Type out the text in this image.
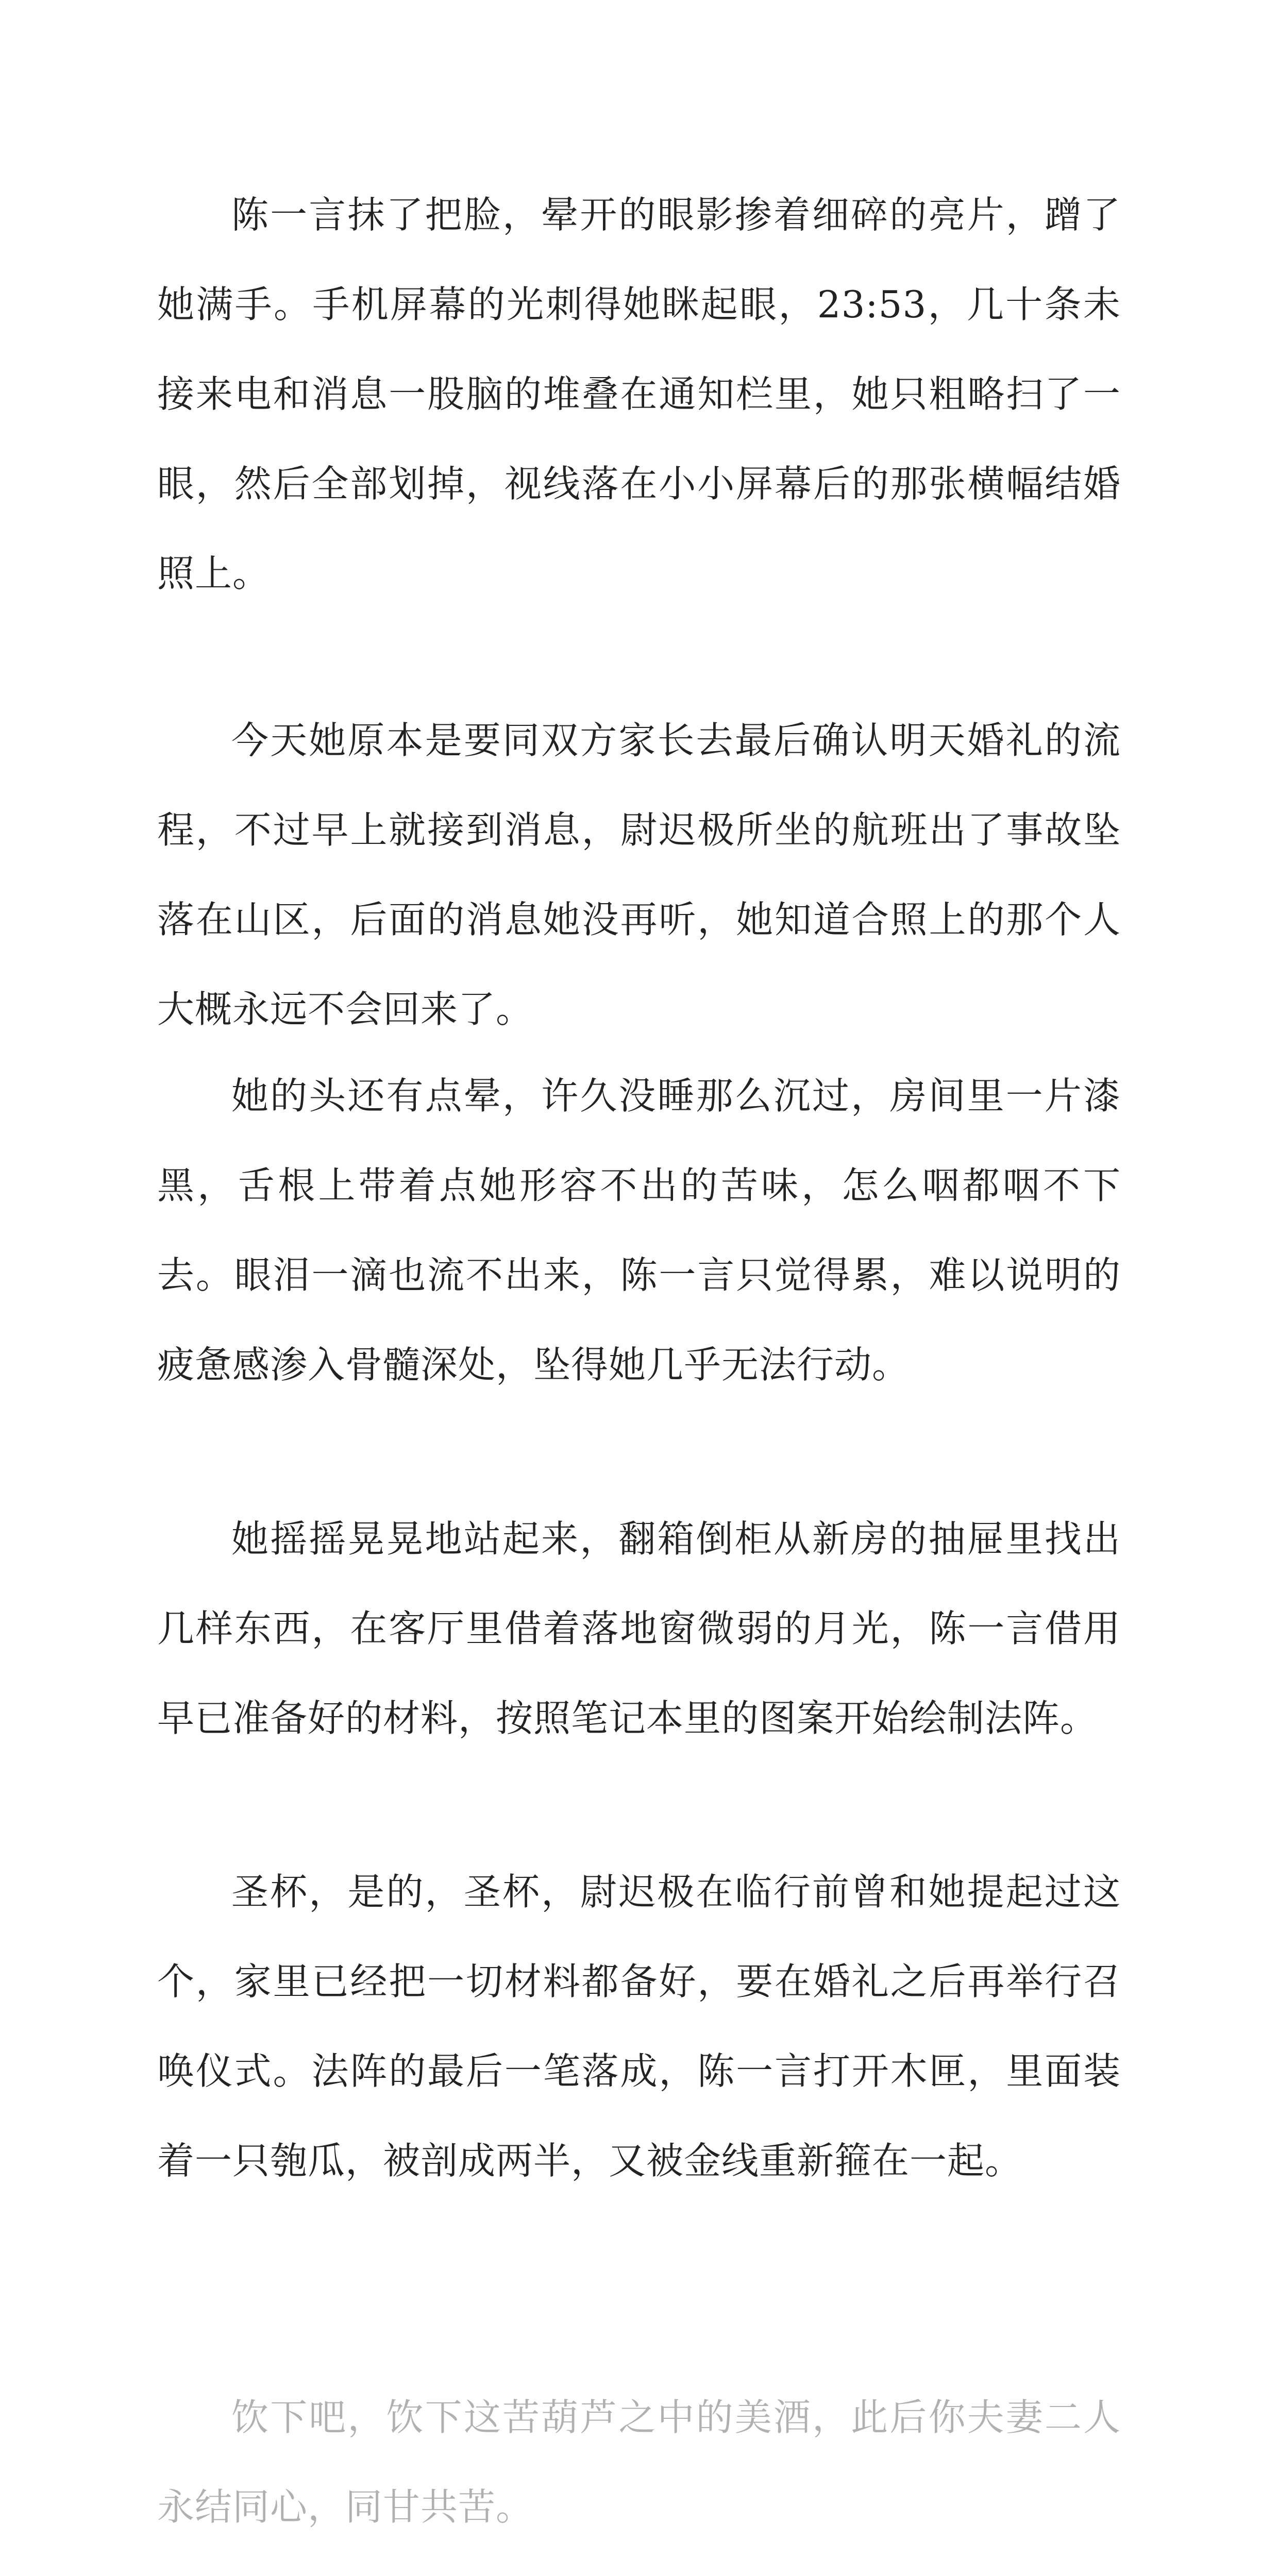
陈一言抹了把脸，晕开的眼影掺着细碎的亮片，蹭了她满手。手机屏幕的光刺得她眯起眼，23:53，几十条未接来电和消息一股脑的堆叠在通知栏里，她只粗略扫了一眼，然后全部划掉，视线落在小小屏幕后的那张横幅结婚照上。

今天她原本是要同双方家长去最后确认明天婚礼的流程，不过早上就接到消息，尉迟极所坐的航班出了事故坠落在山区，后面的消息她没再听，她知道合照上的那个人大概永远不会回来了。

她的头还有点晕，许久没睡那么沉过，房间里一片漆黑，舌根上带着点她形容不出的苦味，怎么咽都咽不下去。眼泪一滴也流不出来，陈一言只觉得累，难以说明的疲惫感渗入骨髓深处，坠得她几乎无法行动。

她摇摇晃晃地站起来，翻箱倒柜从新房的抽屉里找出几样东西，在客厅里借着落地窗微弱的月光，陈一言借用早已准备好的材料，按照笔记本里的图案开始绘制法阵。

圣杯，是的，圣杯，尉迟极在临行前曾和她提起过这个，家里已经把一切材料都备好，要在婚礼之后再举行召唤仪式。法阵的最后一笔落成，陈一言打开木匣，里面装着一只匏瓜，被剖成两半，又被金线重新箍在一起。

饮下吧，饮下这苦葫芦之中的美酒，此后你夫妻二人永结同心，同甘共苦。
